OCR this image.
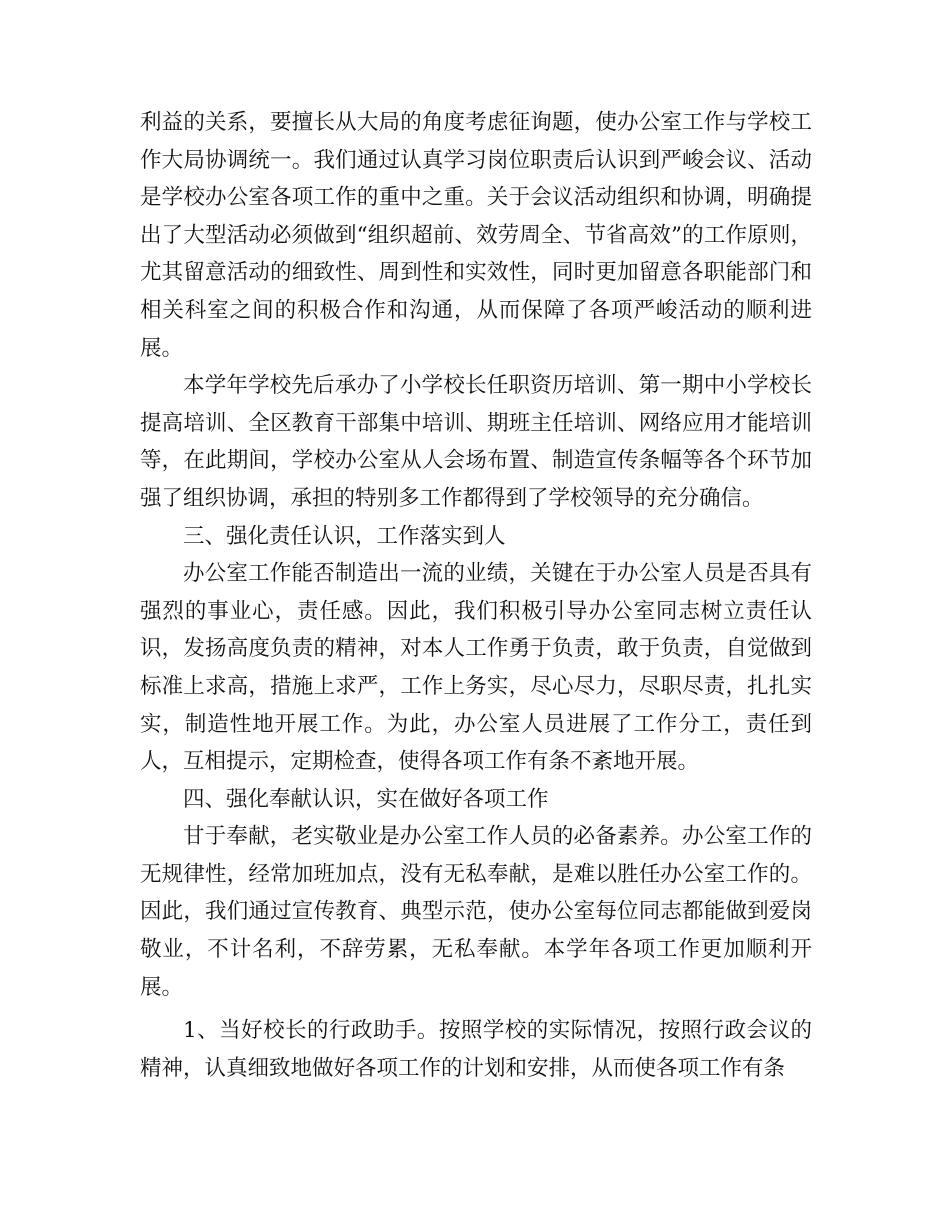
利益的关系，要擅长从大局的角度考虑征询题，使办公室工作与学校工作大局协调统一。我们通过认真学习岗位职责后认识到严峻会议、活动是学校办公室各项工作的重中之重。关于会议活动组织和协调，明确提出了大型活动必须做到“组织超前、效劳周全、节省高效”的工作原则，尤其留意活动的细致性、周到性和实效性，同时更加留意各职能部门和相关科室之间的积极合作和沟通，从而保障了各项严峻活动的顺利进展。

本学年学校先后承办了小学校长任职资历培训、第一期中小学校长提高培训、全区教育干部集中培训、期班主任培训、网络应用才能培训等，在此期间，学校办公室从人会场布置、制造宣传条幅等各个环节加强了组织协调，承担的特别多工作都得到了学校领导的充分确信。

三、强化责任认识，工作落实到人

办公室工作能否制造出一流的业绩，关键在于办公室人员是否具有强烈的事业心，责任感。因此，我们积极引导办公室同志树立责任认识，发扬高度负责的精神，对本人工作勇于负责，敢于负责，自觉做到标准上求高，措施上求严，工作上务实，尽心尽力，尽职尽责，扎扎实实，制造性地开展工作。为此，办公室人员进展了工作分工，责任到人，互相提示，定期检查，使得各项工作有条不紊地开展。

四、强化奉献认识，实在做好各项工作

甘于奉献，老实敬业是办公室工作人员的必备素养。办公室工作的无规律性，经常加班加点，没有无私奉献，是难以胜任办公室工作的。因此，我们通过宣传教育、典型示范，使办公室每位同志都能做到爱岗敬业，不计名利，不辞劳累，无私奉献。本学年各项工作更加顺利开展。

1、当好校长的行政助手。按照学校的实际情况，按照行政会议的精神，认真细致地做好各项工作的计划和安排，从而使各项工作有条
